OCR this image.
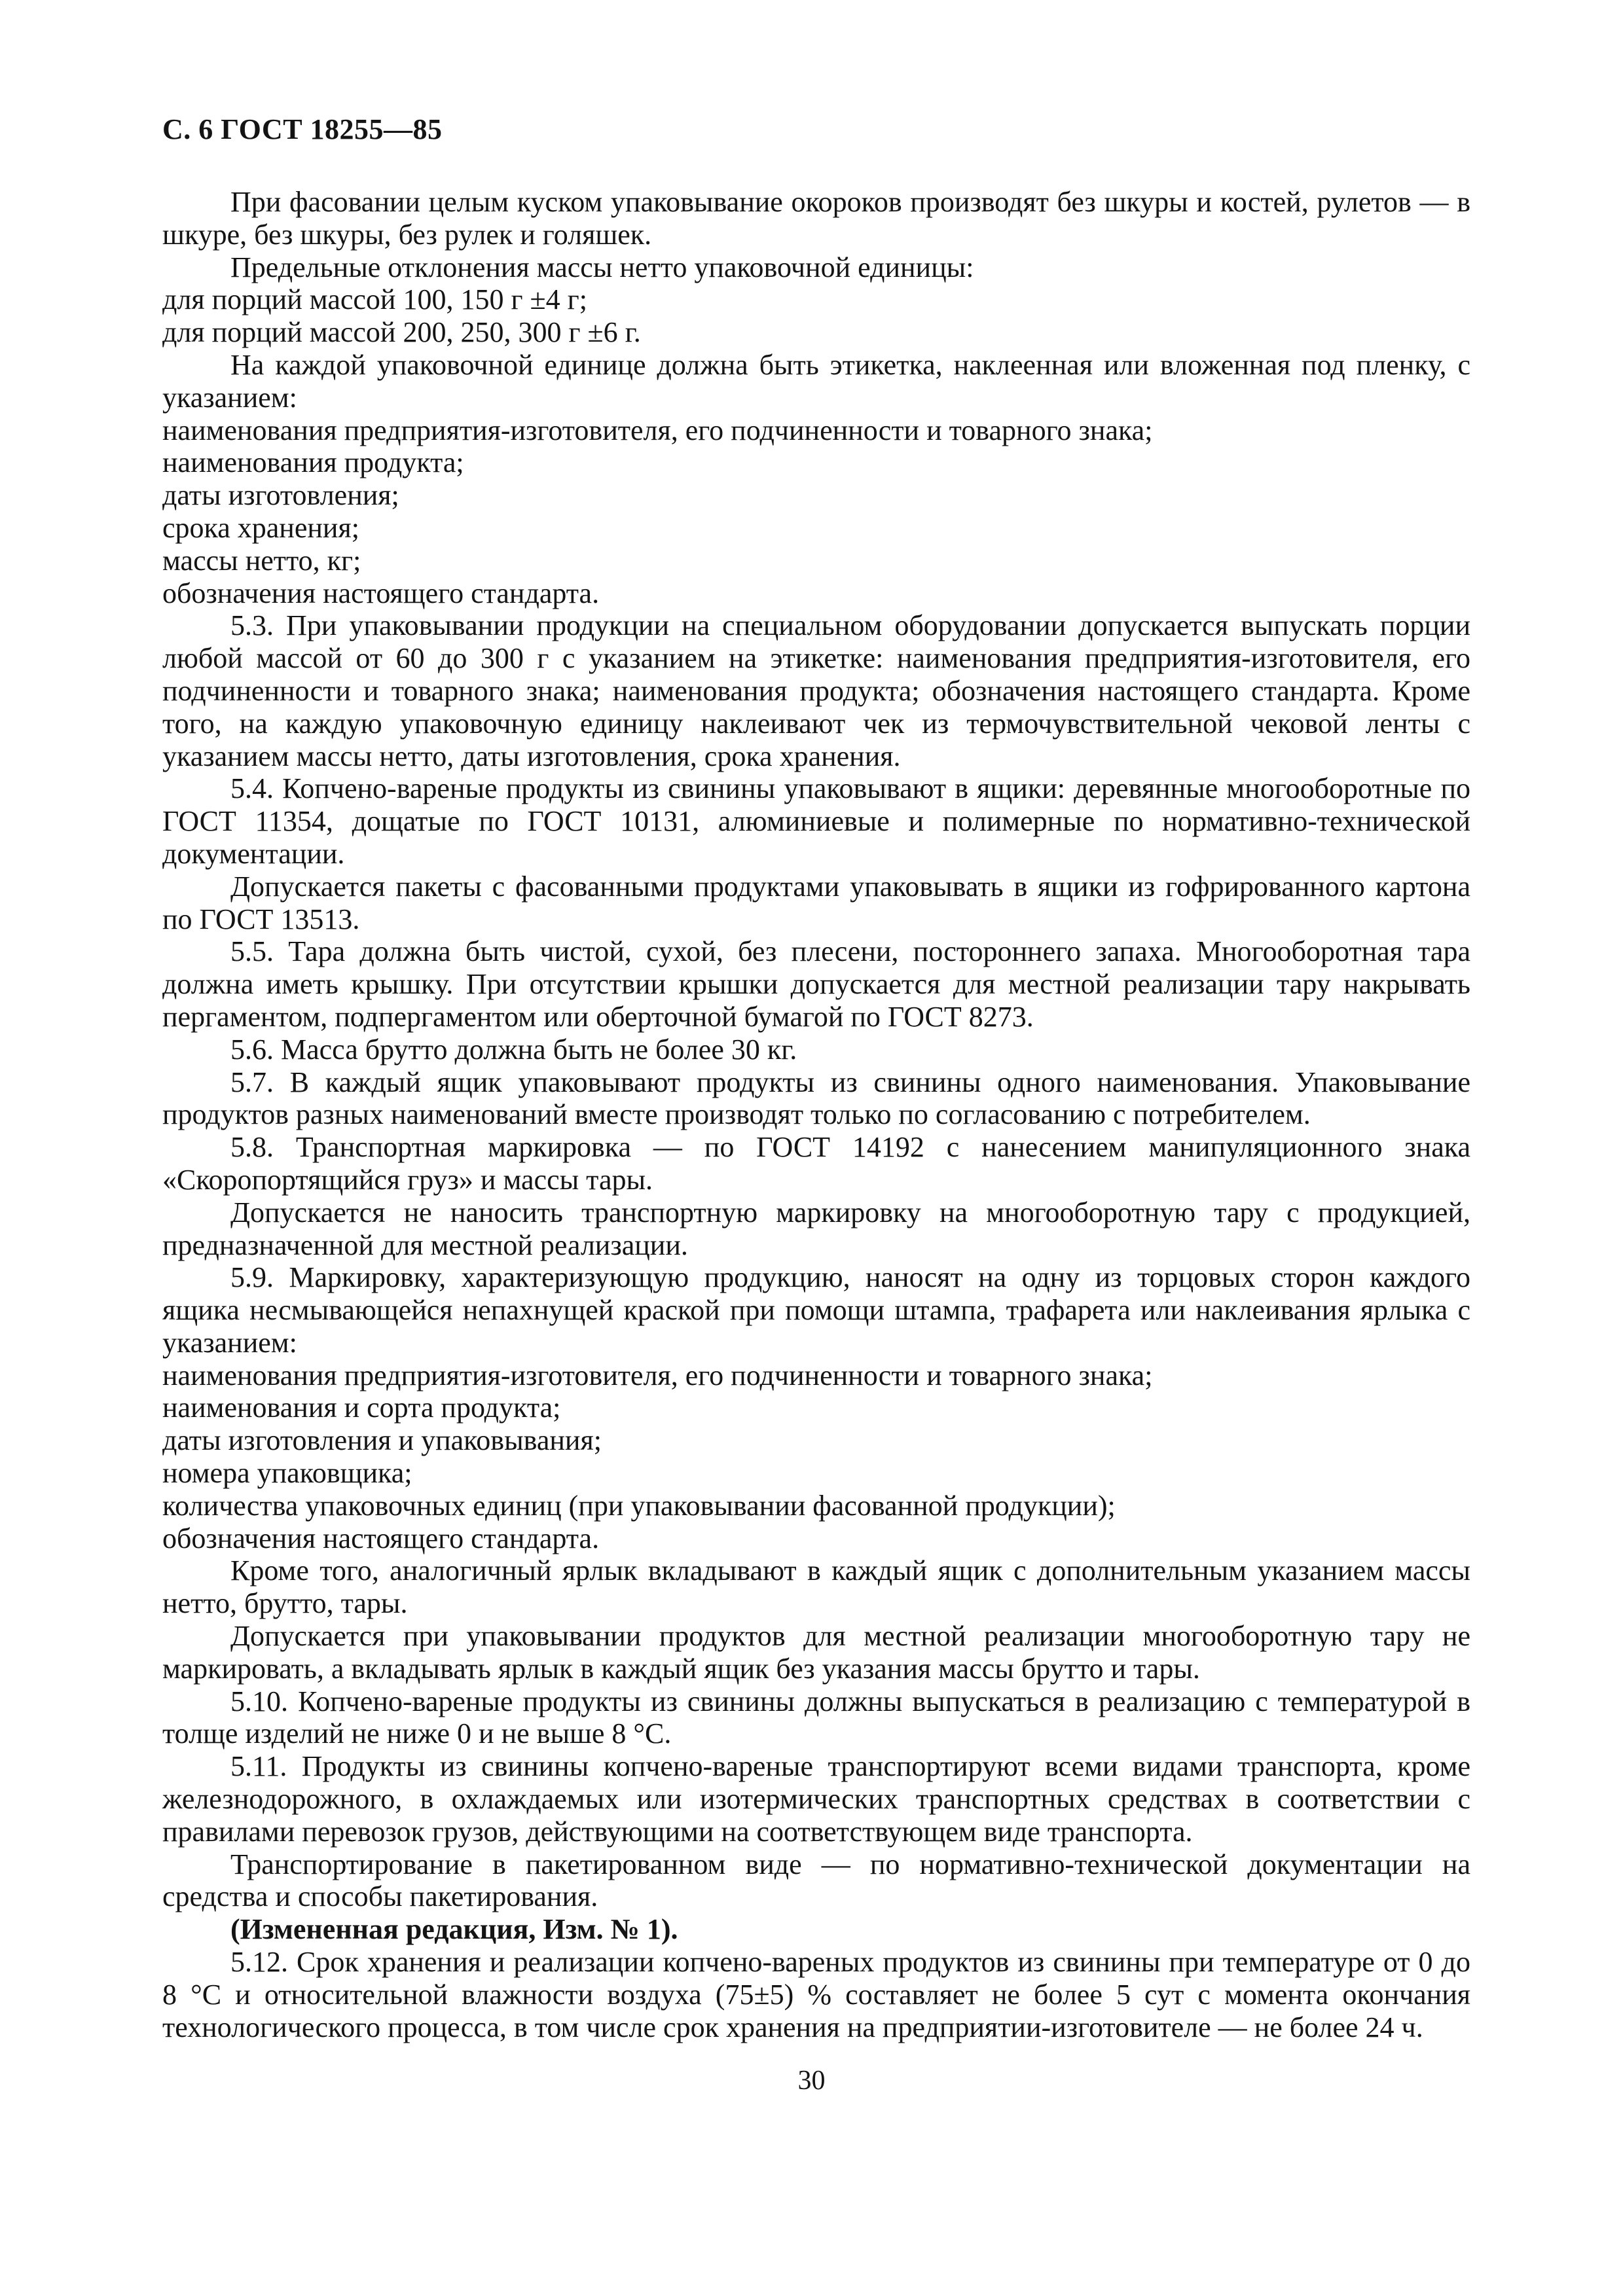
С. 6 ГОСТ 18255—85

При фасовании целым куском упаковывание окороков производят без шкуры и костей, рулетов — в шкуре, без шкуры, без рулек и голяшек.

Предельные отклонения массы нетто упаковочной единицы:

для порций массой 100, 150 г ±4 г;

для порций массой 200, 250, 300 г ±6 г.

На каждой упаковочной единице должна быть этикетка, наклеенная или вложенная под пленку, с указанием:

наименования предприятия-изготовителя, его подчиненности и товарного знака;

наименования продукта;

даты изготовления;

срока хранения;

массы нетто, кг;

обозначения настоящего стандарта.

5.3. При упаковывании продукции на специальном оборудовании допускается выпускать порции любой массой от 60 до 300 г с указанием на этикетке: наименования предприятия-изготовителя, его подчиненности и товарного знака; наименования продукта; обозначения настоящего стандарта. Кроме того, на каждую упаковочную единицу наклеивают чек из термочувствительной чековой ленты с указанием массы нетто, даты изготовления, срока хранения.

5.4. Копчено-вареные продукты из свинины упаковывают в ящики: деревянные многооборотные по ГОСТ 11354, дощатые по ГОСТ 10131, алюминиевые и полимерные по нормативно-технической документации.

Допускается пакеты с фасованными продуктами упаковывать в ящики из гофрированного картона по ГОСТ 13513.

5.5. Тара должна быть чистой, сухой, без плесени, постороннего запаха. Многооборотная тара должна иметь крышку. При отсутствии крышки допускается для местной реализации тару накрывать пергаментом, подпергаментом или оберточной бумагой по ГОСТ 8273.

5.6. Масса брутто должна быть не более 30 кг.

5.7. В каждый ящик упаковывают продукты из свинины одного наименования. Упаковывание продуктов разных наименований вместе производят только по согласованию с потребителем.

5.8. Транспортная маркировка — по ГОСТ 14192 с нанесением манипуляционного знака «Скоропортящийся груз» и массы тары.

Допускается не наносить транспортную маркировку на многооборотную тару с продукцией, предназначенной для местной реализации.

5.9. Маркировку, характеризующую продукцию, наносят на одну из торцовых сторон каждого ящика несмывающейся непахнущей краской при помощи штампа, трафарета или наклеивания ярлыка с указанием:

наименования предприятия-изготовителя, его подчиненности и товарного знака;

наименования и сорта продукта;

даты изготовления и упаковывания;

номера упаковщика;

количества упаковочных единиц (при упаковывании фасованной продукции);

обозначения настоящего стандарта.

Кроме того, аналогичный ярлык вкладывают в каждый ящик с дополнительным указанием массы нетто, брутто, тары.

Допускается при упаковывании продуктов для местной реализации многооборотную тару не маркировать, а вкладывать ярлык в каждый ящик без указания массы брутто и тары.

5.10. Копчено-вареные продукты из свинины должны выпускаться в реализацию с температурой в толще изделий не ниже 0 и не выше 8 °С.

5.11. Продукты из свинины копчено-вареные транспортируют всеми видами транспорта, кроме железнодорожного, в охлаждаемых или изотермических транспортных средствах в соответствии с правилами перевозок грузов, действующими на соответствующем виде транспорта.

Транспортирование в пакетированном виде — по нормативно-технической документации на средства и способы пакетирования.

(Измененная редакция, Изм. № 1).

5.12. Срок хранения и реализации копчено-вареных продуктов из свинины при температуре от 0 до 8 °С и относительной влажности воздуха (75±5) % составляет не более 5 сут с момента окончания технологического процесса, в том числе срок хранения на предприятии-изготовителе — не более 24 ч.

30
